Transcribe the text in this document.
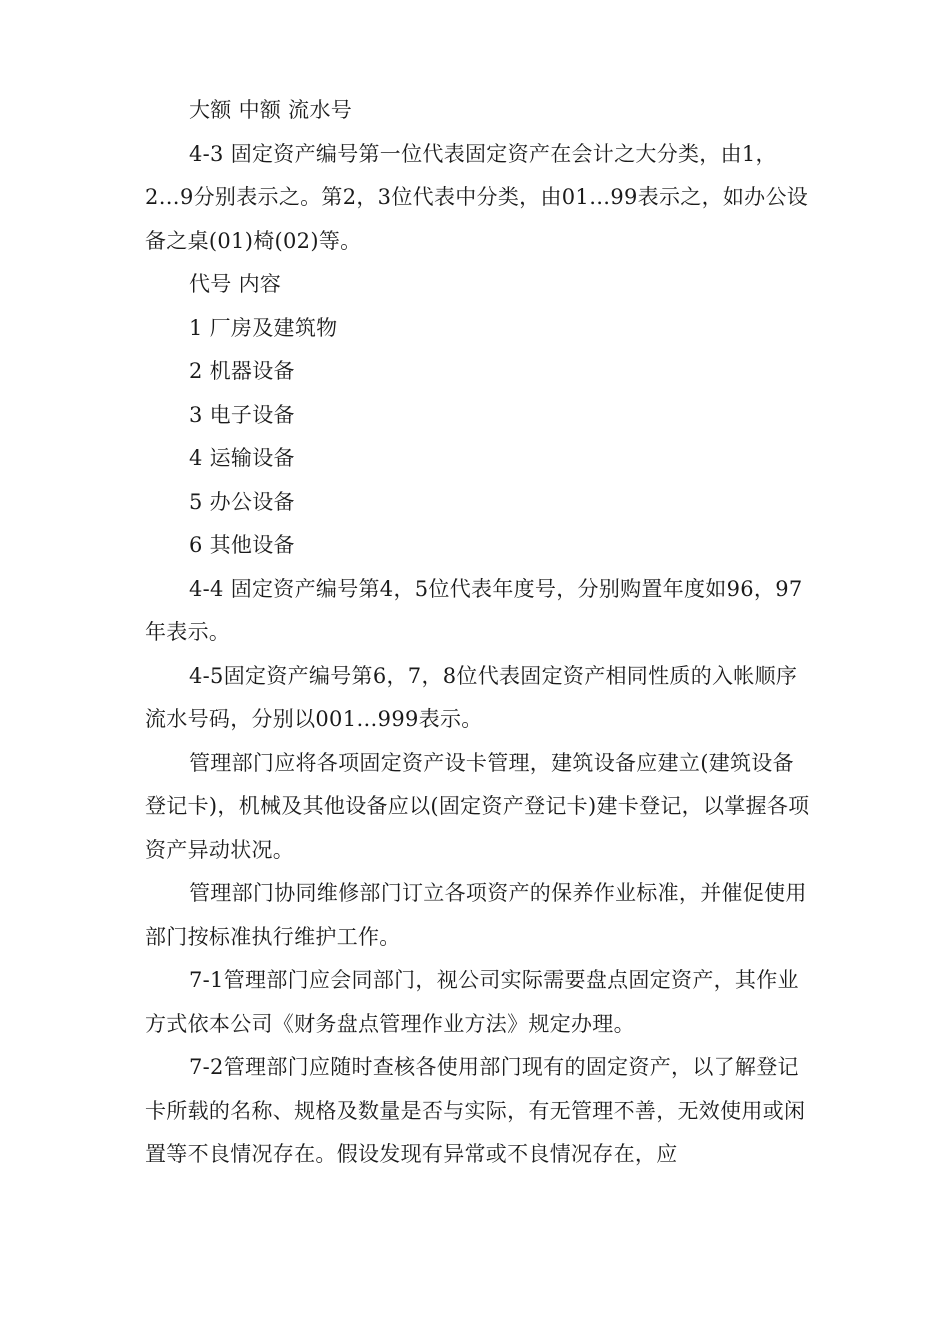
大额 中额 流水号

4-3 固定资产编号第一位代表固定资产在会计之大分类，由1，2…9分别表示之。第2，3位代表中分类，由01…99表示之，如办公设备之桌(01)椅(02)等。

代号 内容

1 厂房及建筑物

2 机器设备

3 电子设备

4 运输设备

5 办公设备

6 其他设备

4-4 固定资产编号第4，5位代表年度号，分别购置年度如96，97 年表示。

4-5固定资产编号第6，7，8位代表固定资产相同性质的入帐顺序流水号码，分别以001…999表示。

管理部门应将各项固定资产设卡管理，建筑设备应建立(建筑设备登记卡)，机械及其他设备应以(固定资产登记卡)建卡登记，以掌握各项资产异动状况。

管理部门协同维修部门订立各项资产的保养作业标准，并催促使用部门按标准执行维护工作。

7-1管理部门应会同部门，视公司实际需要盘点固定资产，其作业方式依本公司《财务盘点管理作业方法》规定办理。

7-2管理部门应随时查核各使用部门现有的固定资产，以了解登记卡所载的名称、规格及数量是否与实际，有无管理不善，无效使用或闲置等不良情况存在。假设发现有异常或不良情况存在，应
